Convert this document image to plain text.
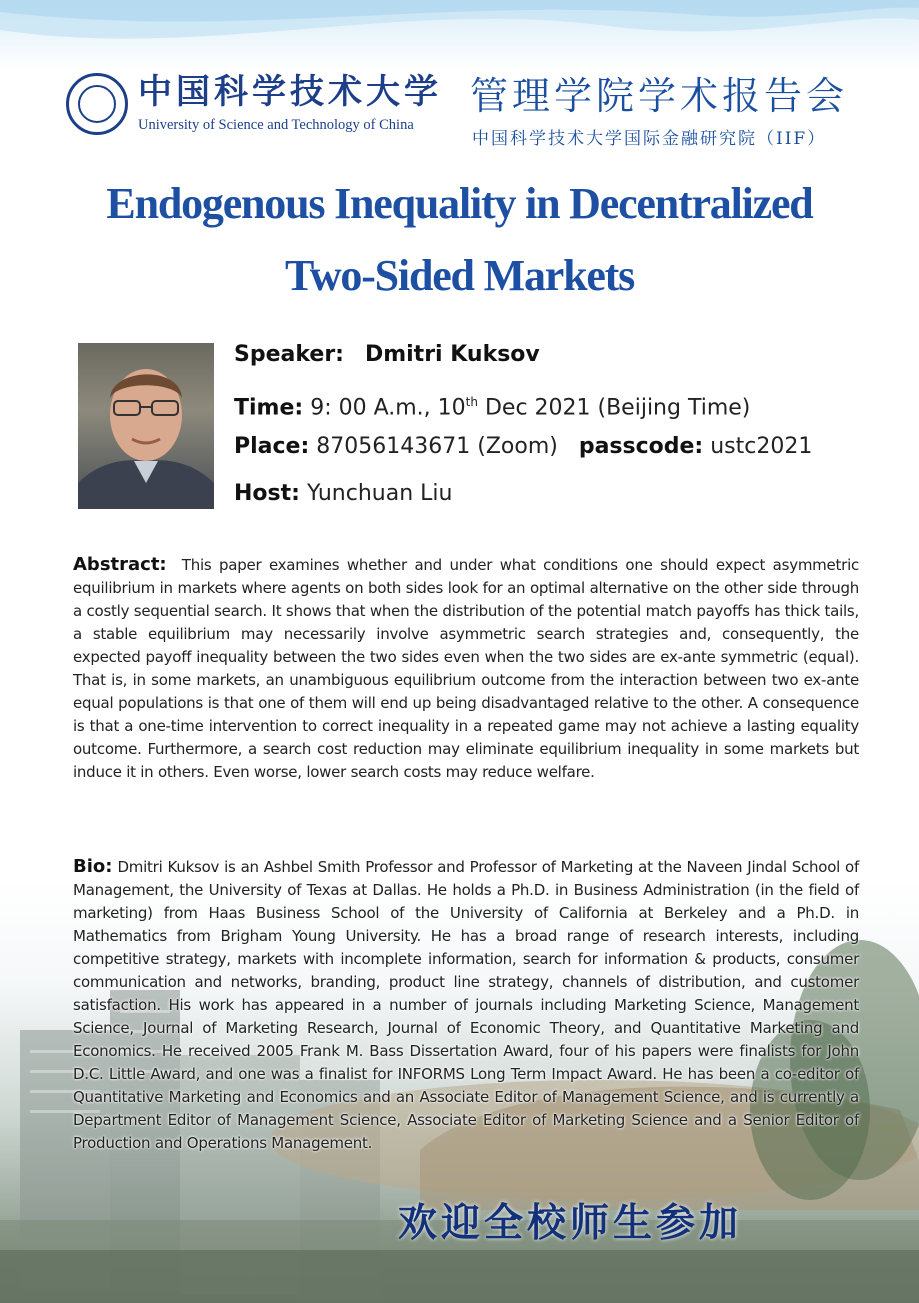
中国科学技术大学
University of Science and Technology of China
管理学院学术报告会
中国科学技术大学国际金融研究院（IIF）
Endogenous Inequality in Decentralized
Two-Sided Markets
Speaker: Dmitri Kuksov
Time: 9: 00 A.m., 10th Dec 2021 (Beijing Time)
Place: 87056143671 (Zoom) passcode: ustc2021
Host: Yunchuan Liu
Abstract: This paper examines whether and under what conditions one should expect asymmetric equilibrium in markets where agents on both sides look for an optimal alternative on the other side through a costly sequential search. It shows that when the distribution of the potential match payoffs has thick tails, a stable equilibrium may necessarily involve asymmetric search strategies and, consequently, the expected payoff inequality between the two sides even when the two sides are ex-ante symmetric (equal). That is, in some markets, an unambiguous equilibrium outcome from the interaction between two ex-ante equal populations is that one of them will end up being disadvantaged relative to the other. A consequence is that a one-time intervention to correct inequality in a repeated game may not achieve a lasting equality outcome. Furthermore, a search cost reduction may eliminate equilibrium inequality in some markets but induce it in others. Even worse, lower search costs may reduce welfare.
Bio: Dmitri Kuksov is an Ashbel Smith Professor and Professor of Marketing at the Naveen Jindal School of Management, the University of Texas at Dallas. He holds a Ph.D. in Business Administration (in the field of marketing) from Haas Business School of the University of California at Berkeley and a Ph.D. in Mathematics from Brigham Young University. He has a broad range of research interests, including competitive strategy, markets with incomplete information, search for information & products, consumer communication and networks, branding, product line strategy, channels of distribution, and customer satisfaction. His work has appeared in a number of journals including Marketing Science, Management Science, Journal of Marketing Research, Journal of Economic Theory, and Quantitative Marketing and Economics. He received 2005 Frank M. Bass Dissertation Award, four of his papers were finalists for John D.C. Little Award, and one was a finalist for INFORMS Long Term Impact Award. He has been a co-editor of Quantitative Marketing and Economics and an Associate Editor of Management Science, and is currently a Department Editor of Management Science, Associate Editor of Marketing Science and a Senior Editor of Production and Operations Management.
欢迎全校师生参加
